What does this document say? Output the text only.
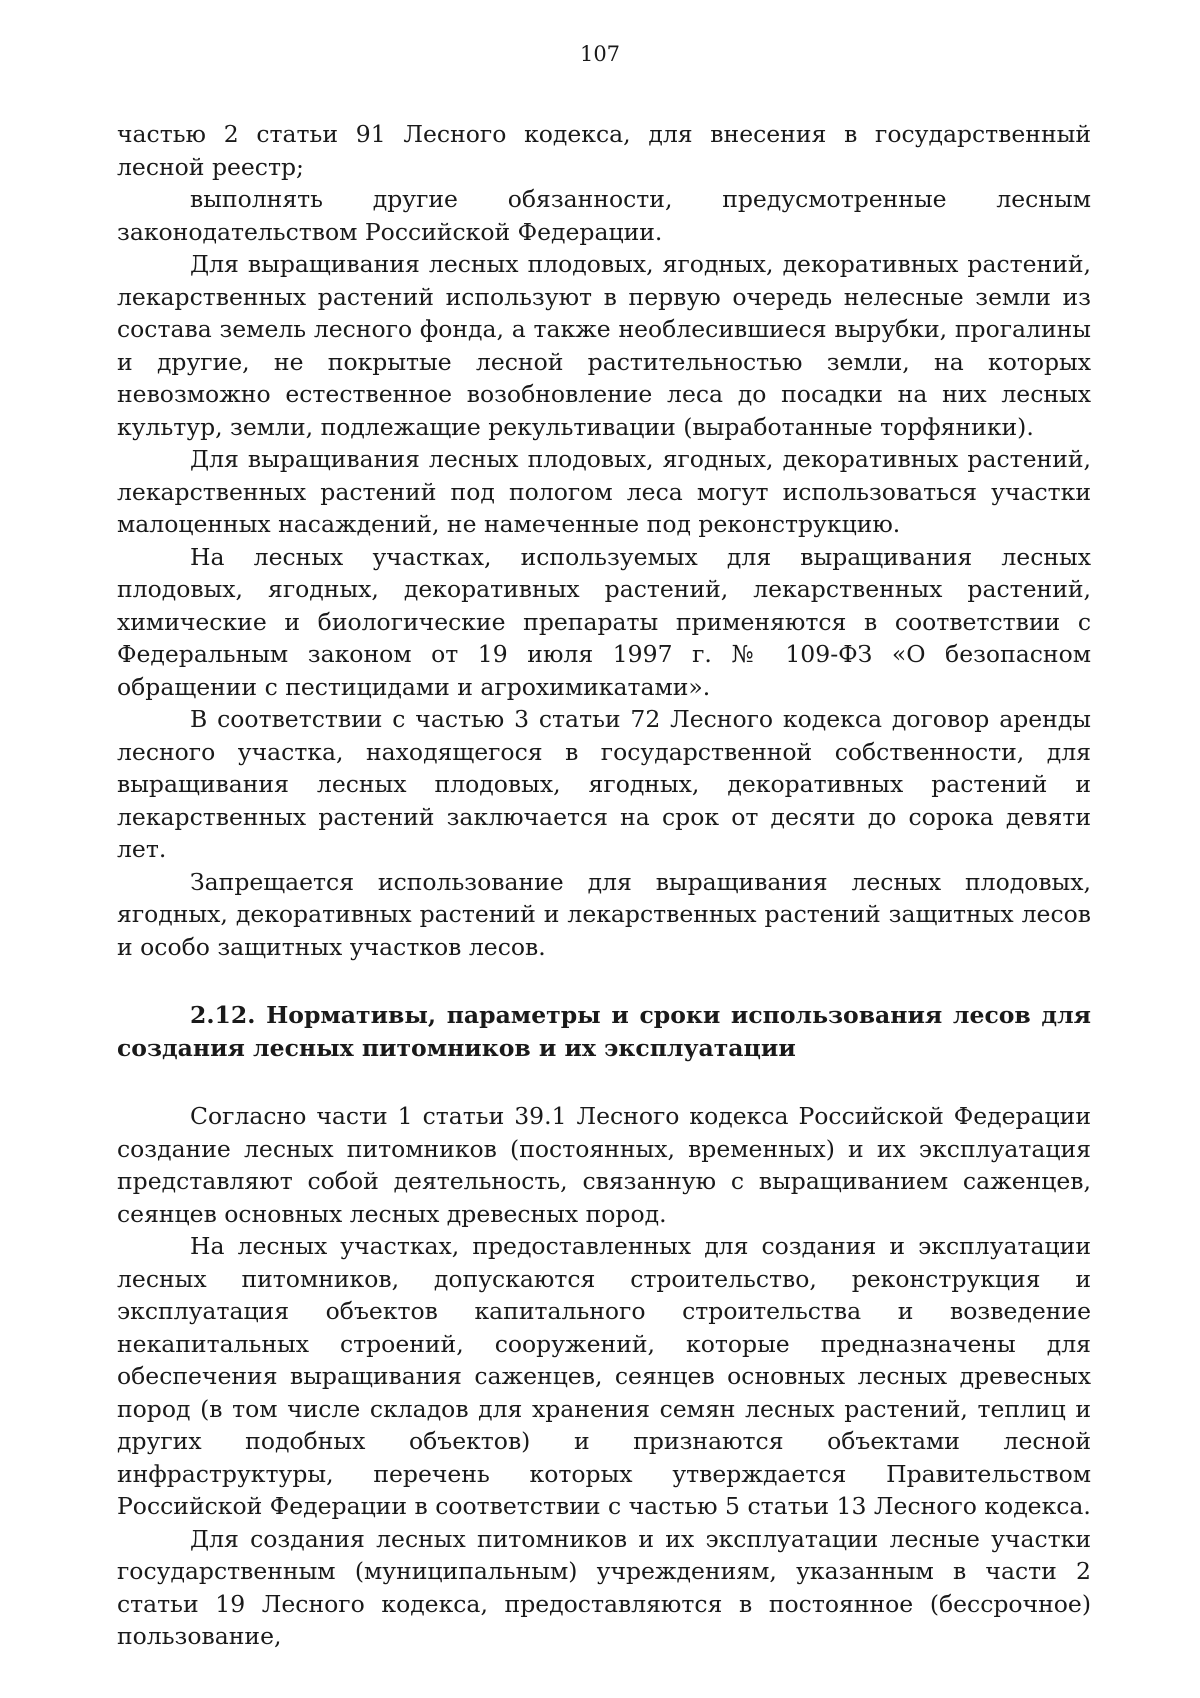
107

частью 2 статьи 91 Лесного кодекса, для внесения в государственный лесной реестр;

выполнять другие обязанности, предусмотренные лесным законодательством Российской Федерации.

Для выращивания лесных плодовых, ягодных, декоративных растений, лекарственных растений используют в первую очередь нелесные земли из состава земель лесного фонда, а также необлесившиеся вырубки, прогалины и другие, не покрытые лесной растительностью земли, на которых невозможно естественное возобновление леса до посадки на них лесных культур, земли, подлежащие рекультивации (выработанные торфяники).

Для выращивания лесных плодовых, ягодных, декоративных растений, лекарственных растений под пологом леса могут использоваться участки малоценных насаждений, не намеченные под реконструкцию.

На лесных участках, используемых для выращивания лесных плодовых, ягодных, декоративных растений, лекарственных растений, химические и биологические препараты применяются в соответствии с Федеральным законом от 19 июля 1997 г. № 109-ФЗ «О безопасном обращении с пестицидами и агрохимикатами».

В соответствии с частью 3 статьи 72 Лесного кодекса договор аренды лесного участка, находящегося в государственной собственности, для выращивания лесных плодовых, ягодных, декоративных растений и лекарственных растений заключается на срок от десяти до сорока девяти лет.

Запрещается использование для выращивания лесных плодовых, ягодных, декоративных растений и лекарственных растений защитных лесов и особо защитных участков лесов.

2.12. Нормативы, параметры и сроки использования лесов для создания лесных питомников и их эксплуатации

Согласно части 1 статьи 39.1 Лесного кодекса Российской Федерации создание лесных питомников (постоянных, временных) и их эксплуатация представляют собой деятельность, связанную с выращиванием саженцев, сеянцев основных лесных древесных пород.

На лесных участках, предоставленных для создания и эксплуатации лесных питомников, допускаются строительство, реконструкция и эксплуатация объектов капитального строительства и возведение некапитальных строений, сооружений, которые предназначены для обеспечения выращивания саженцев, сеянцев основных лесных древесных пород (в том числе складов для хранения семян лесных растений, теплиц и других подобных объектов) и признаются объектами лесной инфраструктуры, перечень которых утверждается Правительством Российской Федерации в соответствии с частью 5 статьи 13 Лесного кодекса.

Для создания лесных питомников и их эксплуатации лесные участки государственным (муниципальным) учреждениям, указанным в части 2 статьи 19 Лесного кодекса, предоставляются в постоянное (бессрочное) пользование,
